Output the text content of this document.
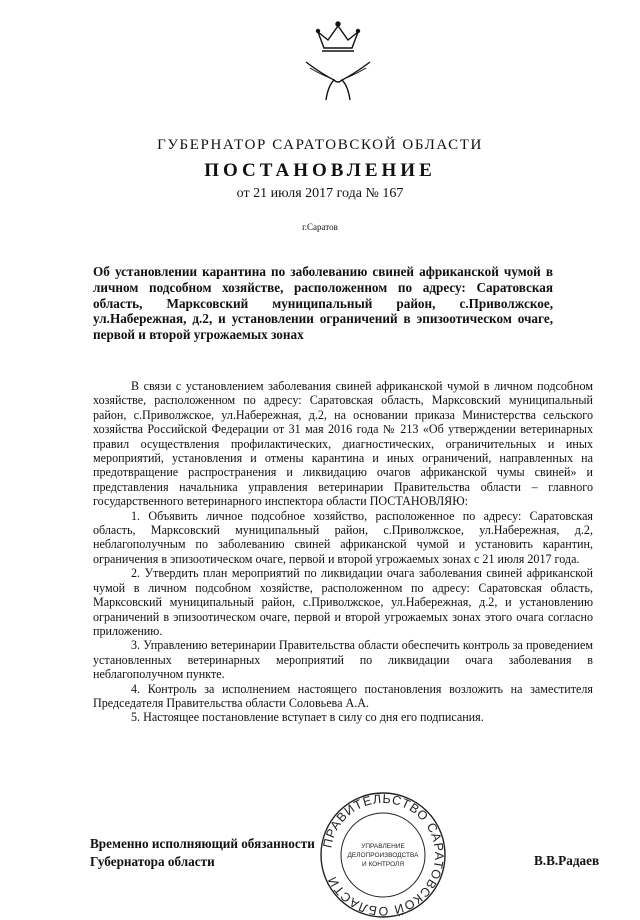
ГУБЕРНАТОР САРАТОВСКОЙ ОБЛАСТИ
ПОСТАНОВЛЕНИЕ
от 21 июля 2017 года № 167
г.Саратов
Об установлении карантина по заболеванию свиней африканской чумой в личном подсобном хозяйстве, расположенном по адресу: Саратовская область, Марксовский муниципальный район, с.Приволжское, ул.Набережная, д.2, и установлении ограничений в эпизоотическом очаге, первой и второй угрожаемых зонах

В связи с установлением заболевания свиней африканской чумой в личном подсобном хозяйстве, расположенном по адресу: Саратовская область, Марксовский муниципальный район, с.Приволжское, ул.Набережная, д.2, на основании приказа Министерства сельского хозяйства Российской Федерации от 31 мая 2016 года № 213 «Об утверждении ветеринарных правил осуществления профилактических, диагностических, ограничительных и иных мероприятий, установления и отмены карантина и иных ограничений, направленных на предотвращение распространения и ликвидацию очагов африканской чумы свиней» и представления начальника управления ветеринарии Правительства области – главного государственного ветеринарного инспектора области ПОСТАНОВЛЯЮ:

1. Объявить личное подсобное хозяйство, расположенное по адресу: Саратовская область, Марксовский муниципальный район, с.Приволжское, ул.Набережная, д.2, неблагополучным по заболеванию свиней африканской чумой и установить карантин, ограничения в эпизоотическом очаге, первой и второй угрожаемых зонах с 21 июля 2017 года.

2. Утвердить план мероприятий по ликвидации очага заболевания свиней африканской чумой в личном подсобном хозяйстве, расположенном по адресу: Саратовская область, Марксовский муниципальный район, с.Приволжское, ул.Набережная, д.2, и установлению ограничений в эпизоотическом очаге, первой и второй угрожаемых зонах этого очага согласно приложению.

3. Управлению ветеринарии Правительства области обеспечить контроль за проведением установленных ветеринарных мероприятий по ликвидации очага заболевания в неблагополучном пункте.

4. Контроль за исполнением настоящего постановления возложить на заместителя Председателя Правительства области Соловьева А.А.

5. Настоящее постановление вступает в силу со дня его подписания.

ПРАВИТЕЛЬСТВО САРАТОВСКОЙ ОБЛАСТИ
УПРАВЛЕНИЕ
ДЕЛОПРОИЗВОДСТВА
И КОНТРОЛЯ
Временно исполняющий обязанности
Губернатора области	В.В.Радаев
